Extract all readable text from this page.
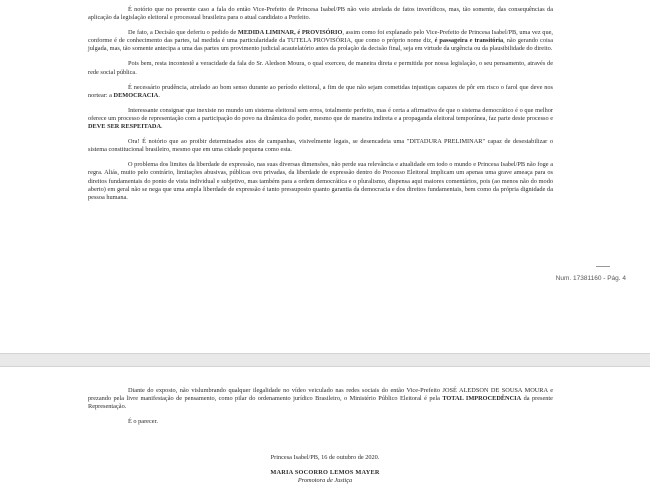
É notório que no presente caso a fala do então Vice-Prefeito de Princesa Isabel/PB não veio atrelada de fatos inverídicos, mas, tão somente, das consequências da aplicação da legislação eleitoral e processual brasileira para o atual candidato a Prefeito.

De fato, a Decisão que deferiu o pedido de MEDIDA LIMINAR, é PROVISÓRIO, assim como foi explanado pelo Vice-Prefeito de Princesa Isabel/PB, uma vez que, conforme é de conhecimento das partes, tal medida é uma particularidade da TUTELA PROVISÓRIA, que como o próprio nome diz, é passageira e transitória, não gerando coisa julgada, mas, tão somente antecipa a uma das partes um provimento judicial acautelatório antes da prolação da decisão final, seja em virtude da urgência ou da plausibilidade do direito.

Pois bem, resta incontestê a veracidade da fala do Sr. Aledson Moura, o qual exerceu, de maneira direta e permitida por nossa legislação, o seu pensamento, através de rede social pública.

É necessário prudência, atrelado ao bom senso durante ao período eleitoral, a fim de que não sejam cometidas injustiças capazes de pôr em risco o farol que deve nos nortear: a DEMOCRACIA.

Interessante consignar que inexiste no mundo um sistema eleitoral sem erros, totalmente perfeito, mas é certa a afirmativa de que o sistema democrático é o que melhor oferece um processo de representação com a participação do povo na dinâmica do poder, mesmo que de maneira indireta e a propaganda eleitoral temporânea, faz parte deste processo e DEVE SER RESPEITADA.

Ora! É notório que ao proibir determinados atos de campanhas, visivelmente legais, se desencadeia uma "DITADURA PRELIMINAR" capaz de desestabilizar o sistema constitucional brasileiro, mesmo que em uma cidade pequena como esta.

O problema dos limites da liberdade de expressão, nas suas diversas dimensões, não perde sua relevância e atualidade em todo o mundo e Princesa Isabel/PB não foge a regra. Aliás, muito pelo contrário, limitações abusivas, públicas ovu privadas, da liberdade de expressão dentro do Processo Eleitoral implicam um apenas uma grave ameaça para os direitos fundamentais do ponto de vista individual e subjetivo, mas também para a ordem democrática e o pluralismo, dispensa aqui maiores comentários, pois (ao menos não do modo aberto) em geral não se nega que uma ampla liberdade de expressão é tanto pressuposto quanto garantia da democracia e dos direitos fundamentais, bem como da própria dignidade da pessoa humana.

Num. 17381160 - Pág. 4

Diante do exposto, não vislumbrando qualquer ilegalidade no vídeo veiculado nas redes sociais do então Vice-Prefeito JOSÉ ALEDSON DE SOUSA MOURA e prezando pela livre manifestação de pensamento, como pilar do ordenamento jurídico Brasileiro, o Ministério Público Eleitoral é pela TOTAL IMPROCEDÊNCIA da presente Representação.

É o parecer.

Princesa Isabel/PB, 16 de outubro de 2020.
MARIA SOCORRO LEMOS MAYER
Promotora de Justiça
